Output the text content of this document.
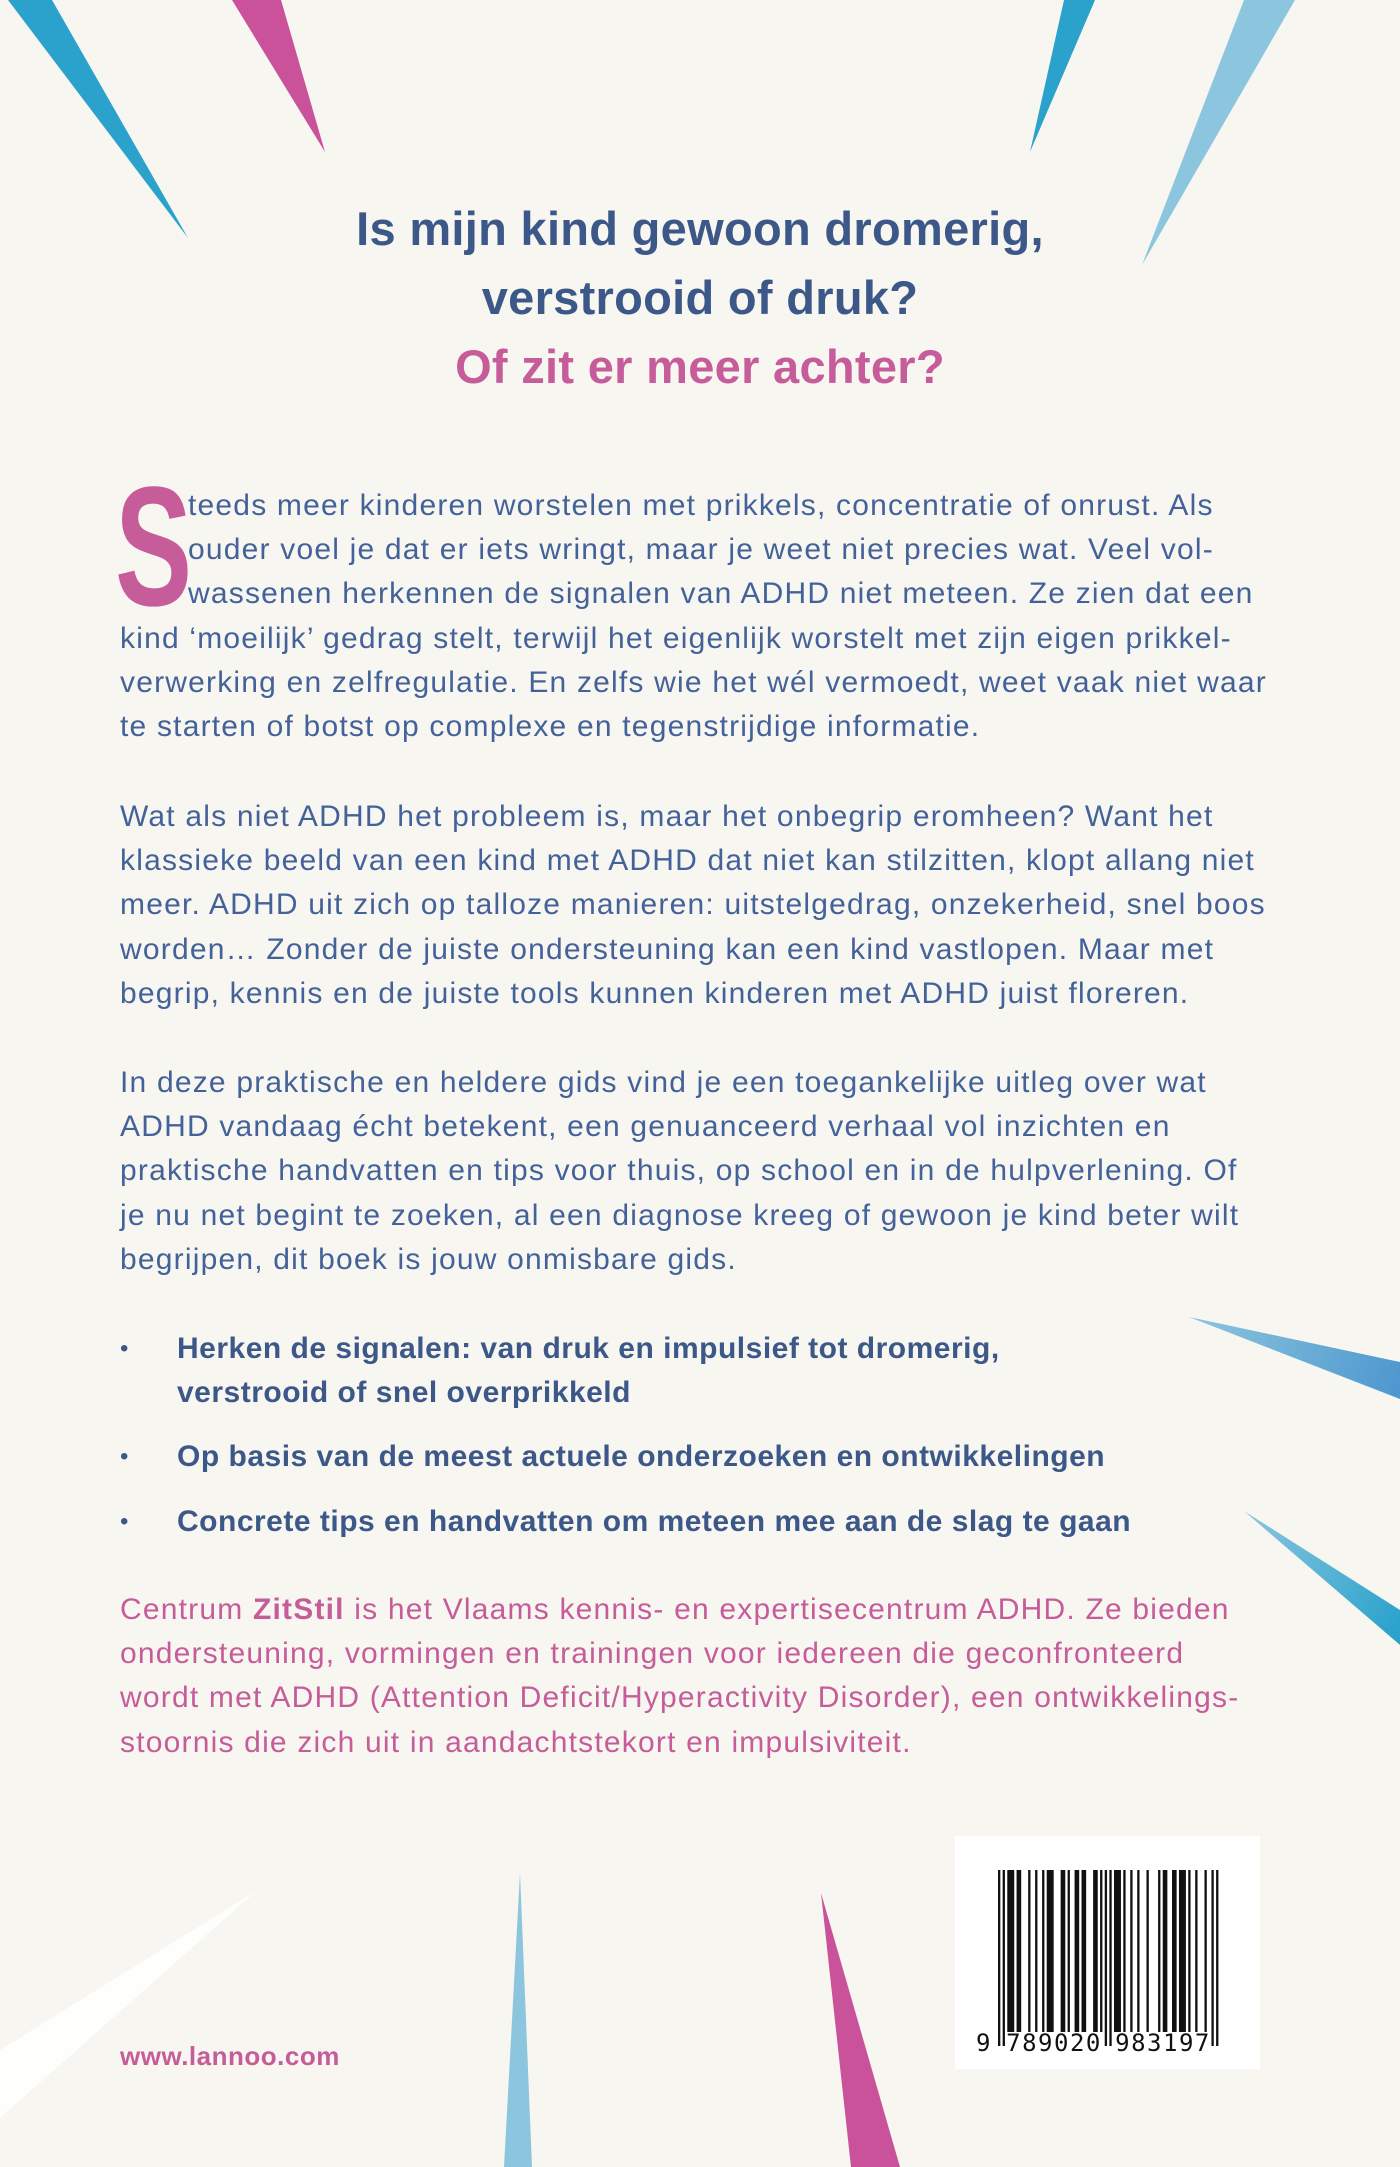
Is mijn kind gewoon dromerig,
verstrooid of druk?
Of zit er meer achter?
S
teeds meer kinderen worstelen met prikkels, concentratie of onrust. Als
ouder voel je dat er iets wringt, maar je weet niet precies wat. Veel vol-
wassenen herkennen de signalen van ADHD niet meteen. Ze zien dat een
kind ‘moeilijk’ gedrag stelt, terwijl het eigenlijk worstelt met zijn eigen prikkel-
verwerking en zelfregulatie. En zelfs wie het wél vermoedt, weet vaak niet waar
te starten of botst op complexe en tegenstrijdige informatie.
Wat als niet ADHD het probleem is, maar het onbegrip eromheen? Want het
klassieke beeld van een kind met ADHD dat niet kan stilzitten, klopt allang niet
meer. ADHD uit zich op talloze manieren: uitstelgedrag, onzekerheid, snel boos
worden… Zonder de juiste ondersteuning kan een kind vastlopen. Maar met
begrip, kennis en de juiste tools kunnen kinderen met ADHD juist floreren.
In deze praktische en heldere gids vind je een toegankelijke uitleg over wat
ADHD vandaag écht betekent, een genuanceerd verhaal vol inzichten en
praktische handvatten en tips voor thuis, op school en in de hulpverlening. Of
je nu net begint te zoeken, al een diagnose kreeg of gewoon je kind beter wilt
begrijpen, dit boek is jouw onmisbare gids.
• Herken de signalen: van druk en impulsief tot dromerig,
verstrooid of snel overprikkeld
• Op basis van de meest actuele onderzoeken en ontwikkelingen
• Concrete tips en handvatten om meteen mee aan de slag te gaan
Centrum ZitStil is het Vlaams kennis- en expertisecentrum ADHD. Ze bieden
ondersteuning, vormingen en trainingen voor iedereen die geconfronteerd
wordt met ADHD (Attention Deficit/Hyperactivity Disorder), een ontwikkelings-
stoornis die zich uit in aandachtstekort en impulsiviteit.
www.lannoo.com	9 789020 983197
